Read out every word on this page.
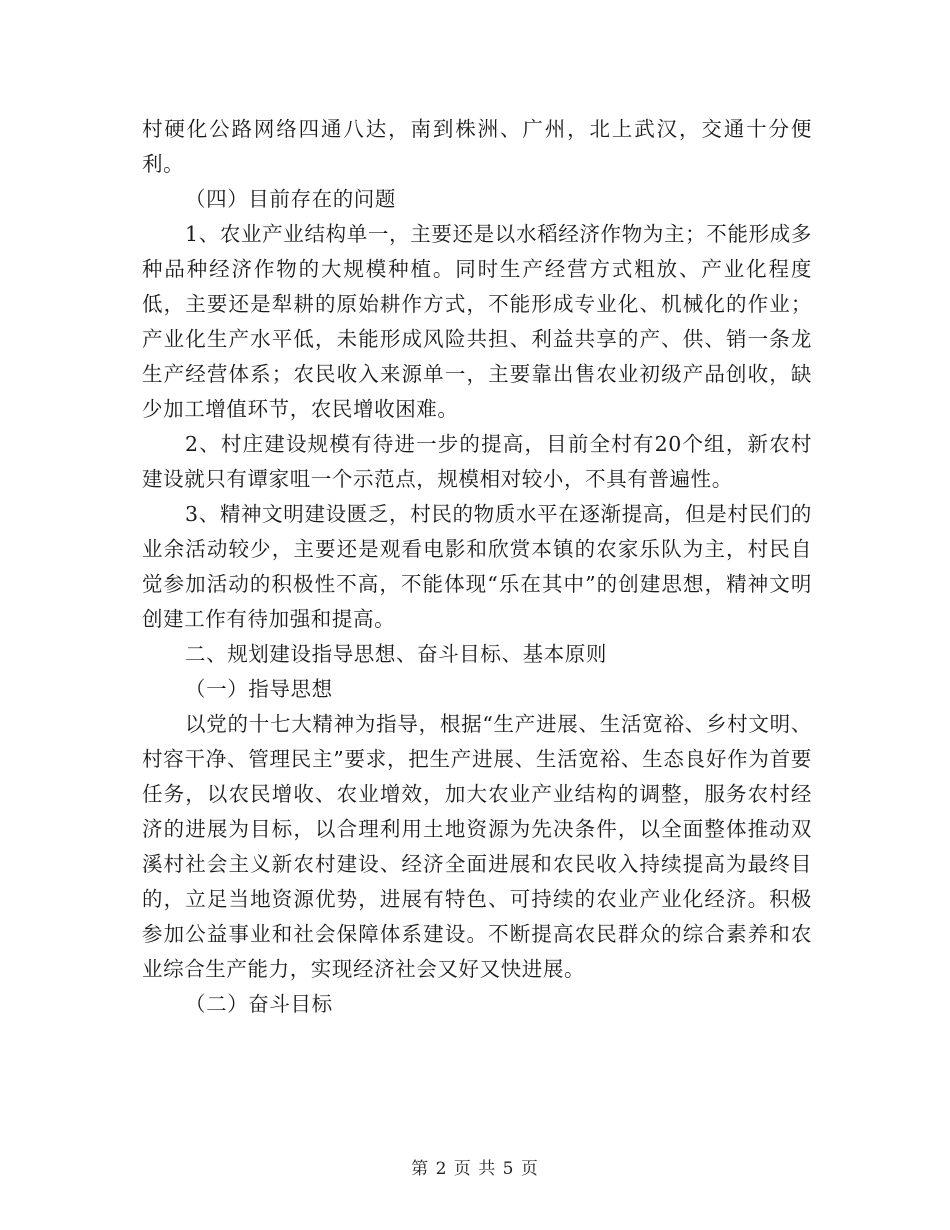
村硬化公路网络四通八达，南到株洲、广州，北上武汉，交通十分便利。

（四）目前存在的问题

1、农业产业结构单一，主要还是以水稻经济作物为主；不能形成多种品种经济作物的大规模种植。同时生产经营方式粗放、产业化程度低，主要还是犁耕的原始耕作方式，不能形成专业化、机械化的作业；产业化生产水平低，未能形成风险共担、利益共享的产、供、销一条龙生产经营体系；农民收入来源单一，主要靠出售农业初级产品创收，缺少加工增值环节，农民增收困难。

2、村庄建设规模有待进一步的提高，目前全村有20个组，新农村建设就只有谭家咀一个示范点，规模相对较小，不具有普遍性。

3、精神文明建设匮乏，村民的物质水平在逐渐提高，但是村民们的业余活动较少，主要还是观看电影和欣赏本镇的农家乐队为主，村民自觉参加活动的积极性不高，不能体现“乐在其中”的创建思想，精神文明创建工作有待加强和提高。

二、规划建设指导思想、奋斗目标、基本原则

（一）指导思想

以党的十七大精神为指导，根据“生产进展、生活宽裕、乡村文明、村容干净、管理民主”要求，把生产进展、生活宽裕、生态良好作为首要任务，以农民增收、农业增效，加大农业产业结构的调整，服务农村经济的进展为目标，以合理利用土地资源为先决条件，以全面整体推动双溪村社会主义新农村建设、经济全面进展和农民收入持续提高为最终目的，立足当地资源优势，进展有特色、可持续的农业产业化经济。积极参加公益事业和社会保障体系建设。不断提高农民群众的综合素养和农业综合生产能力，实现经济社会又好又快进展。

（二）奋斗目标

第 2 页 共 5 页
